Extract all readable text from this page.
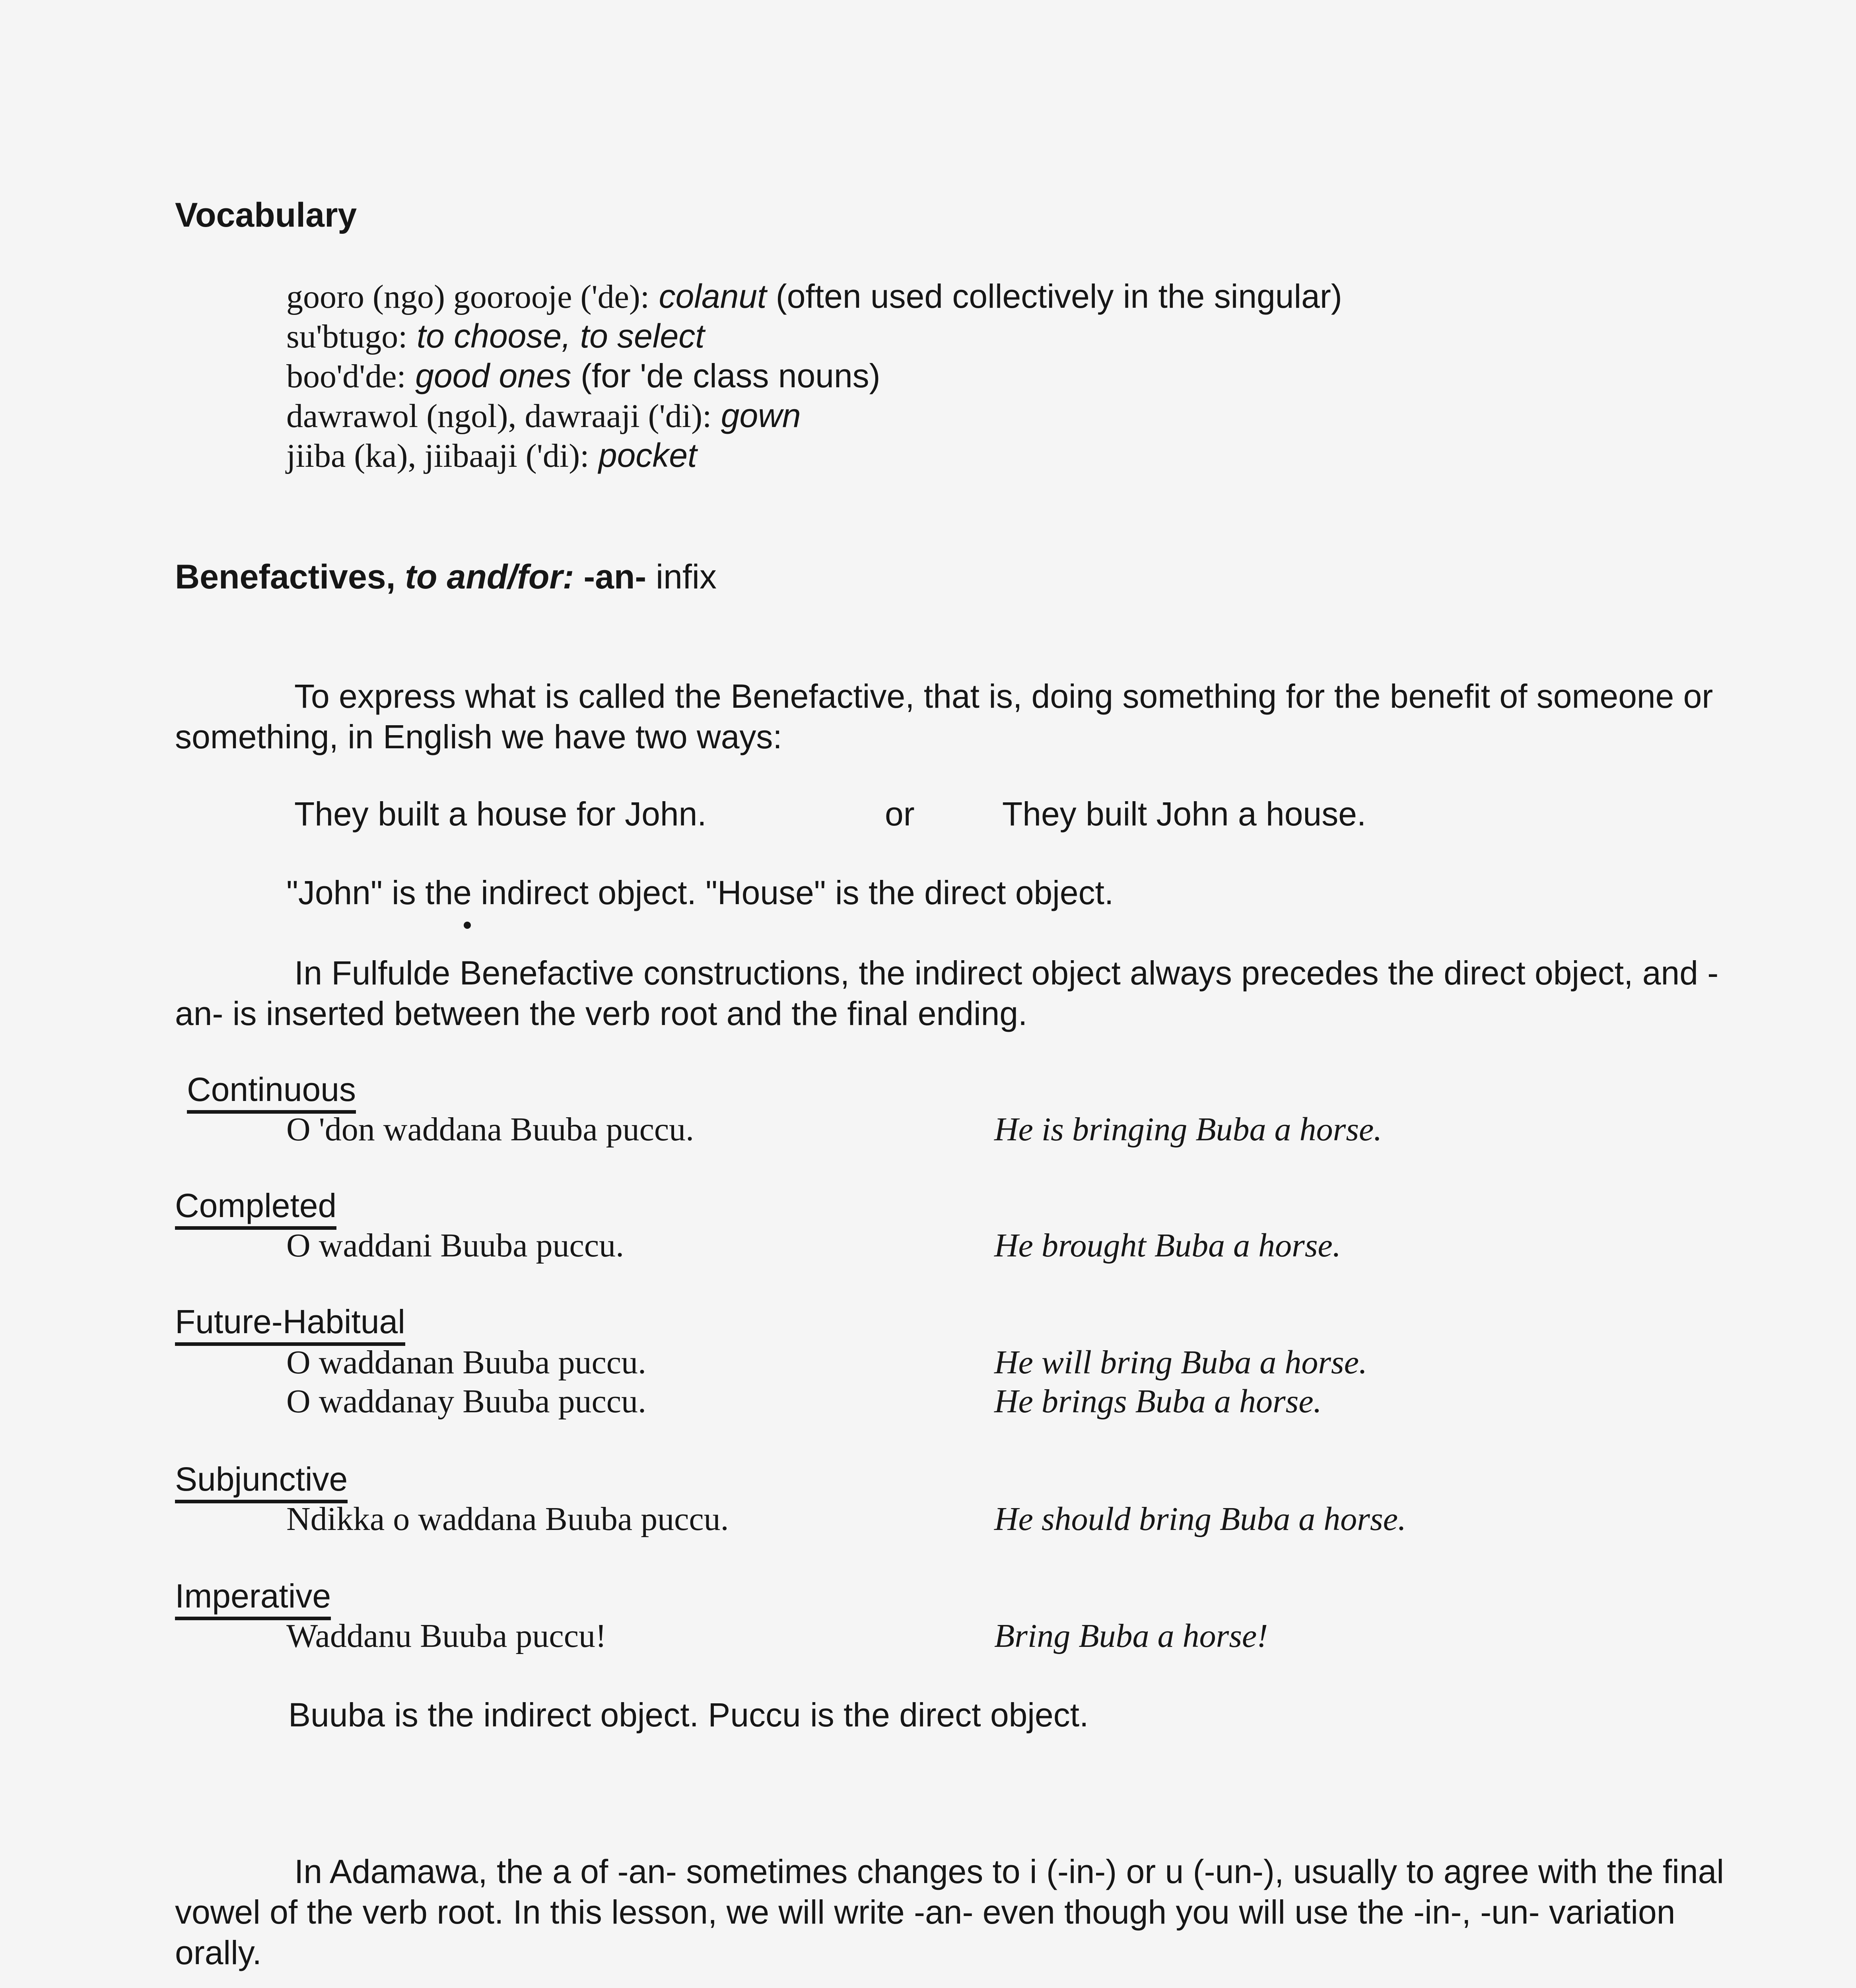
Vocabulary
gooro (ngo) goorooje ('de): colanut (often used collectively in the singular)
su'btugo: to choose, to select
boo'd'de: good ones (for 'de class nouns)
dawrawol (ngol), dawraaji ('di): gown
jiiba (ka), jiibaaji ('di): pocket
Benefactives, to and/for: -an- infix
To express what is called the Benefactive, that is, doing something for the benefit of someone or something, in English we have two ways:
They built a house for John.	or	They built John a house.
"John" is the indirect object. "House" is the direct object.
In Fulfulde Benefactive constructions, the indirect object always precedes the direct object, and -an- is inserted between the verb root and the final ending.
Continuous
O 'don waddana Buuba puccu.	He is bringing Buba a horse.
Completed
O waddani Buuba puccu.	He brought Buba a horse.
Future-Habitual
O waddanan Buuba puccu.	He will bring Buba a horse.
O waddanay Buuba puccu.	He brings Buba a horse.
Subjunctive
Ndikka o waddana Buuba puccu.	He should bring Buba a horse.
Imperative
Waddanu Buuba puccu!	Bring Buba a horse!
Buuba is the indirect object. Puccu is the direct object.
In Adamawa, the a of -an- sometimes changes to i (-in-) or u (-un-), usually to agree with the final vowel of the verb root. In this lesson, we will write -an- even though you will use the -in-, -un- variation orally.
